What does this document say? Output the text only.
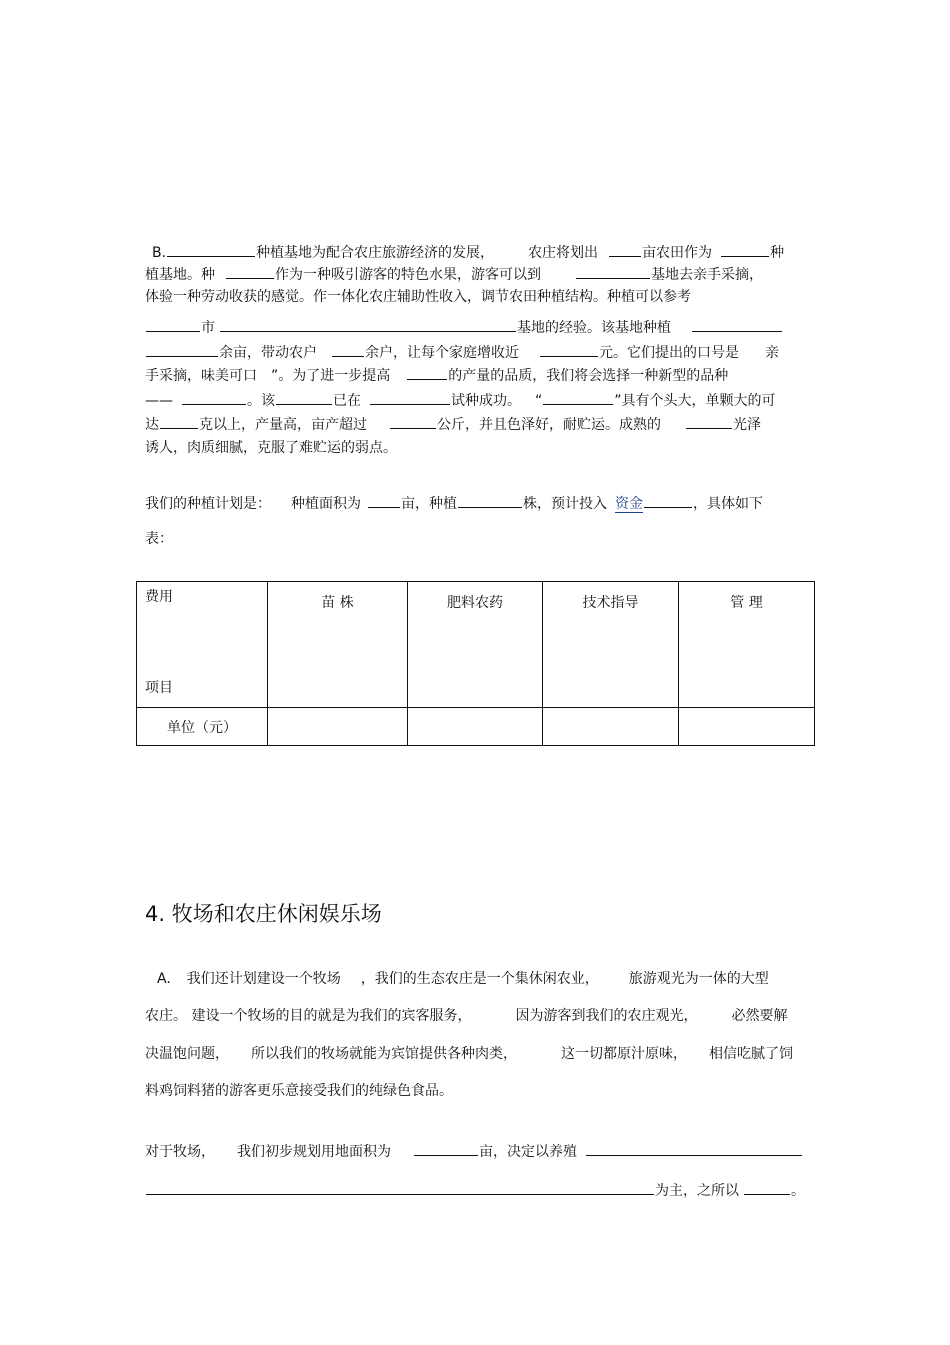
B.	种植基地为配合农庄旅游经济的发展， 农庄将划出	亩农田作为	种
植基地。种	作为一种吸引游客的特色水果，游客可以到	基地去亲手采摘，
体验一种劳动收获的感觉。作一体化农庄辅助性收入，调节农田种植结构。种植可以参考
市	基地的经验。该基地种植
余亩，带动农户	余户，让每个家庭增收近	元。它们提出的口号是 亲
手采摘，味美可口 ”。为了进一步提高	的产量的品质，我们将会选择一种新型的品种
——	。该	已在	试种成功。 “	”具有个头大，单颗大的可
达	克以上，产量高，亩产超过	公斤，并且色泽好，耐贮运。成熟的	光泽
诱人，肉质细腻，克服了难贮运的弱点。
我们的种植计划是： 种植面积为	亩，种植	株，预计投入 资金	，具体如下
表：
费用
项目	苗 株	肥料农药	技术指导	管 理
单位（元）				
4. 牧场和农庄休闲娱乐场
A. 我们还计划建设一个牧场 ，我们的生态农庄是一个集休闲农业， 旅游观光为一体的大型
农庄。 建设一个牧场的目的就是为我们的宾客服务，	因为游客到我们的农庄观光， 必然要解
决温饱问题， 所以我们的牧场就能为宾馆提供各种肉类，	这一切都原汁原味， 相信吃腻了饲
料鸡饲料猪的游客更乐意接受我们的纯绿色食品。
对于牧场， 我们初步规划用地面积为	亩，决定以养殖
为主，之所以	。
